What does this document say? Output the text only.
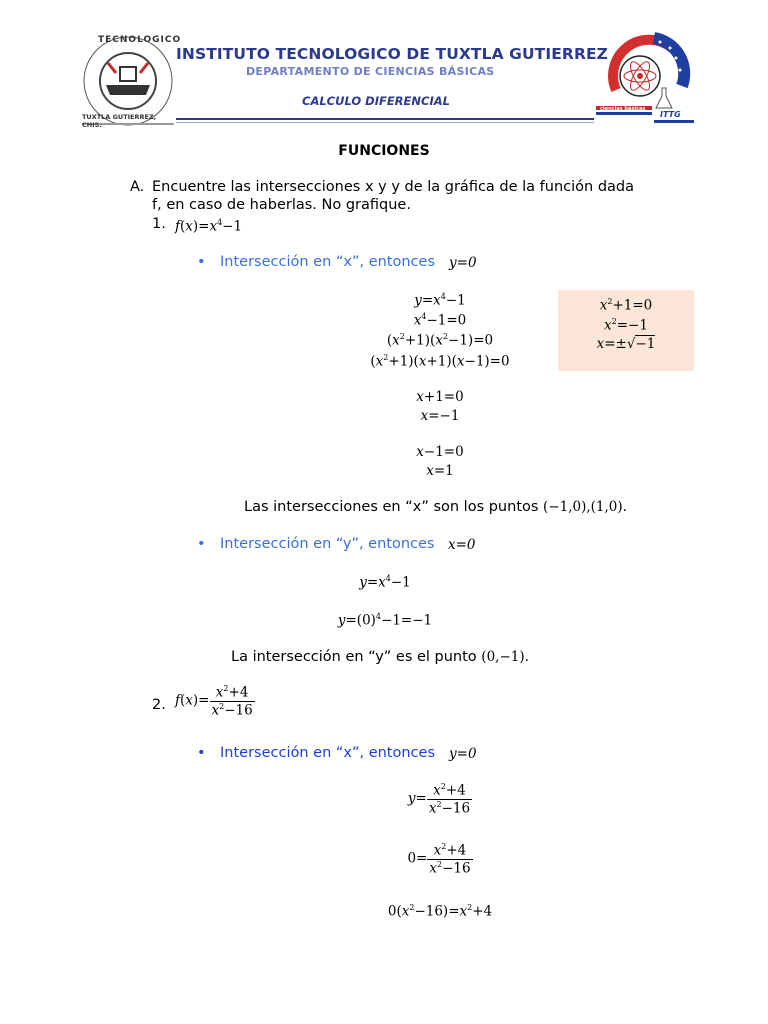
TECNOLOGICO
TUXTLA GUTIERREZ, CHIS.
INSTITUTO TECNOLOGICO DE TUXTLA GUTIERREZ
DEPARTAMENTO DE CIENCIAS BÁSICAS
CALCULO DIFERENCIAL
ciencias básicas
ITTG
FUNCIONES
A. Encuentre las intersecciones x y y de la gráfica de la función dada
f, en caso de haberlas. No grafique.
1. $f(x)=x^4-1$
• Intersección en “x”, entonces y=0
$y=x^4-1$
$x^4-1=0$
$(x^2+1)(x^2-1)=0$
$(x^2+1)(x+1)(x-1)=0$
x+1=0
x=−1
x−1=0
x=1
$x^2+1=0$
$x^2=-1$
x=±√−1
Las intersecciones en “x” son los puntos (−1,0),(1,0).
• Intersección en “y”, entonces x=0
$y=x^4-1$
$y=(0)^4-1=-1$
La intersección en “y” es el punto (0,−1).
2. $f(x)= \frac{x^2+4}{x^2-16}$
• Intersección en “x”, entonces y=0
$y= \frac{x^2+4}{x^2-16}$
$0= \frac{x^2+4}{x^2-16}$
$0(x^2-16)=x^2+4$
